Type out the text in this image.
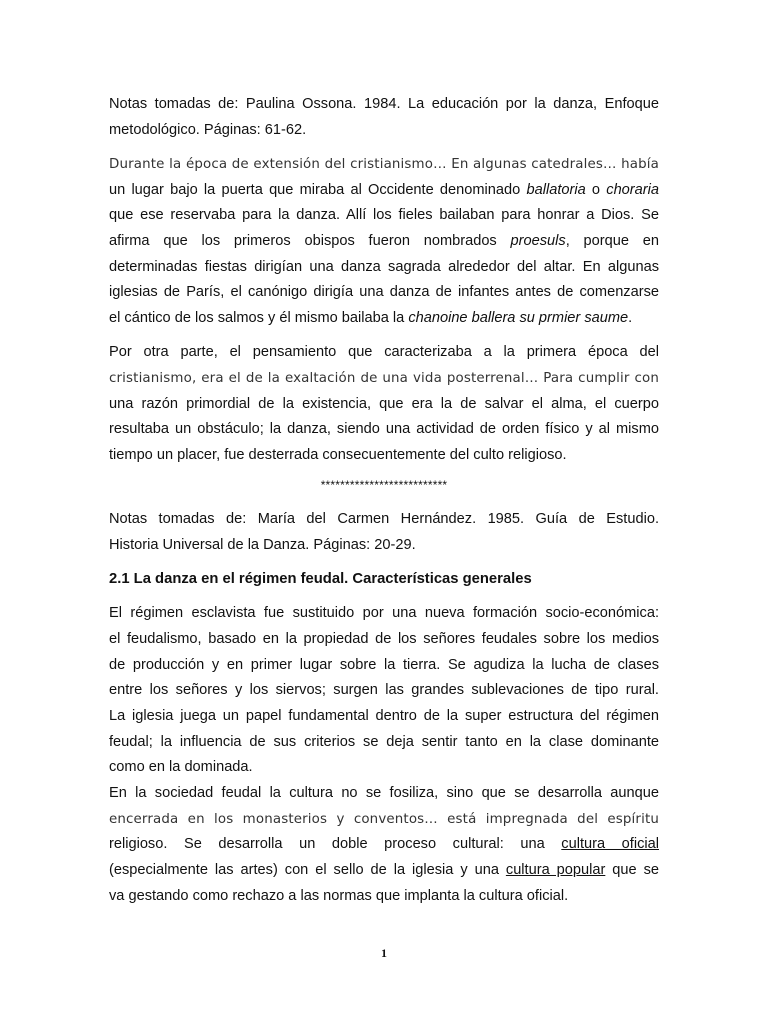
Notas tomadas de: Paulina Ossona. 1984. La educación por la danza, Enfoque
metodológico. Páginas: 61-62.
Durante la época de extensión del cristianismo… En algunas catedrales… había
un lugar bajo la puerta que miraba al Occidente denominado ballatoria o choraria
que ese reservaba para la danza. Allí los fieles bailaban para honrar a Dios. Se
afirma que los primeros obispos fueron nombrados proesuls, porque en
determinadas fiestas dirigían una danza sagrada alrededor del altar. En algunas
iglesias de París, el canónigo dirigía una danza de infantes antes de comenzarse
el cántico de los salmos y él mismo bailaba la chanoine ballera su prmier saume.
Por otra parte, el pensamiento que caracterizaba a la primera época del
cristianismo, era el de la exaltación de una vida posterrenal… Para cumplir con
una razón primordial de la existencia, que era la de salvar el alma, el cuerpo
resultaba un obstáculo; la danza, siendo una actividad de orden físico y al mismo
tiempo un placer, fue desterrada consecuentemente del culto religioso.
**************************
Notas tomadas de: María del Carmen Hernández. 1985. Guía de Estudio.
Historia Universal de la Danza. Páginas: 20-29.
2.1 La danza en el régimen feudal. Características generales
El régimen esclavista fue sustituido por una nueva formación socio-económica:
el feudalismo, basado en la propiedad de los señores feudales sobre los medios
de producción y en primer lugar sobre la tierra. Se agudiza la lucha de clases
entre los señores y los siervos; surgen las grandes sublevaciones de tipo rural.
La iglesia juega un papel fundamental dentro de la super estructura del régimen
feudal; la influencia de sus criterios se deja sentir tanto en la clase dominante
como en la dominada.
En la sociedad feudal la cultura no se fosiliza, sino que se desarrolla aunque
encerrada en los monasterios y conventos… está impregnada del espíritu
religioso. Se desarrolla un doble proceso cultural: una cultura oficial
(especialmente las artes) con el sello de la iglesia y una cultura popular que se
va gestando como rechazo a las normas que implanta la cultura oficial.
1
